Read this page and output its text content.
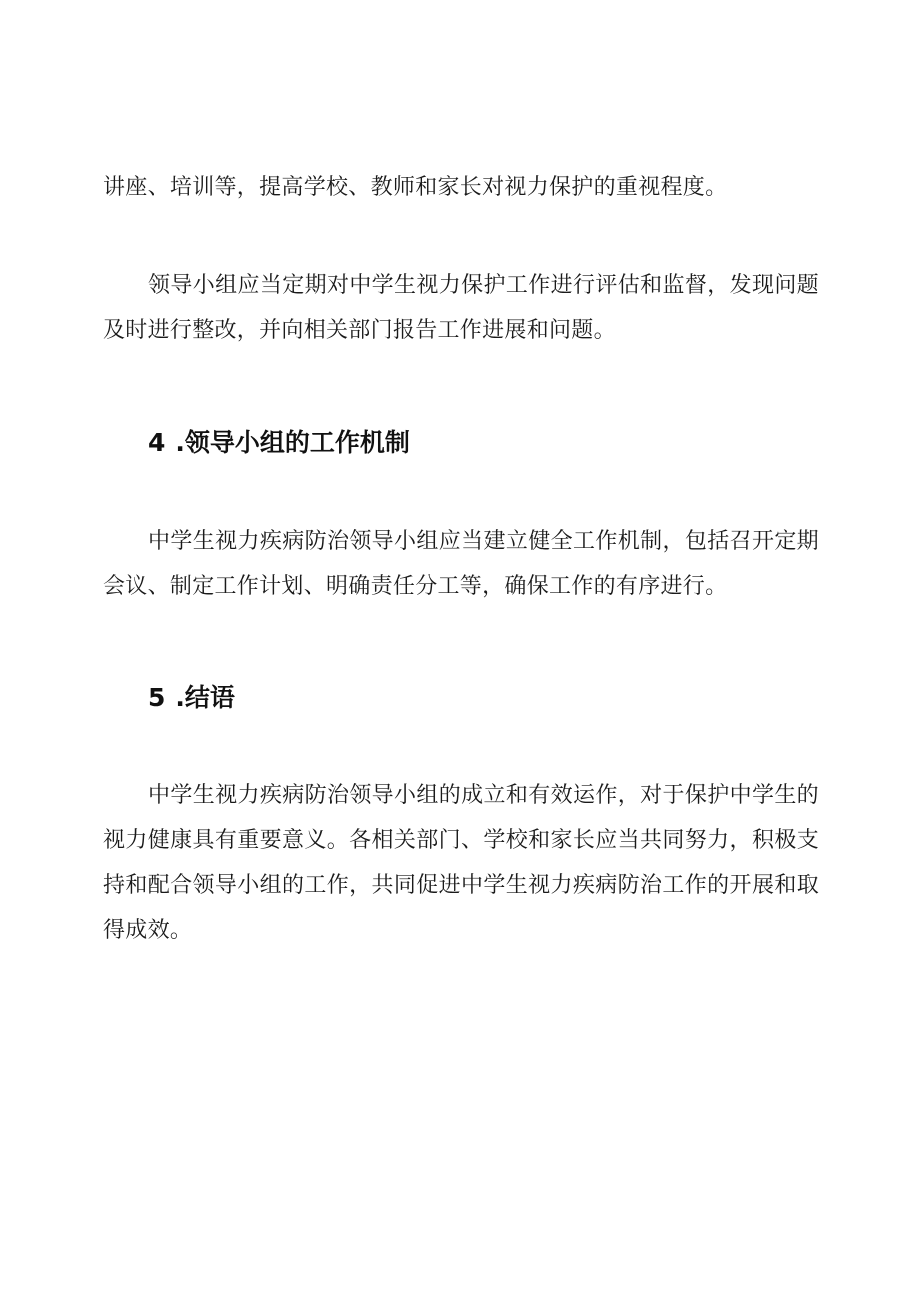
讲座、培训等，提高学校、教师和家长对视力保护的重视程度。

领导小组应当定期对中学生视力保护工作进行评估和监督，发现问题及时进行整改，并向相关部门报告工作进展和问题。

4 .领导小组的工作机制

中学生视力疾病防治领导小组应当建立健全工作机制，包括召开定期会议、制定工作计划、明确责任分工等，确保工作的有序进行。

5 .结语

中学生视力疾病防治领导小组的成立和有效运作，对于保护中学生的视力健康具有重要意义。各相关部门、学校和家长应当共同努力，积极支持和配合领导小组的工作，共同促进中学生视力疾病防治工作的开展和取得成效。
